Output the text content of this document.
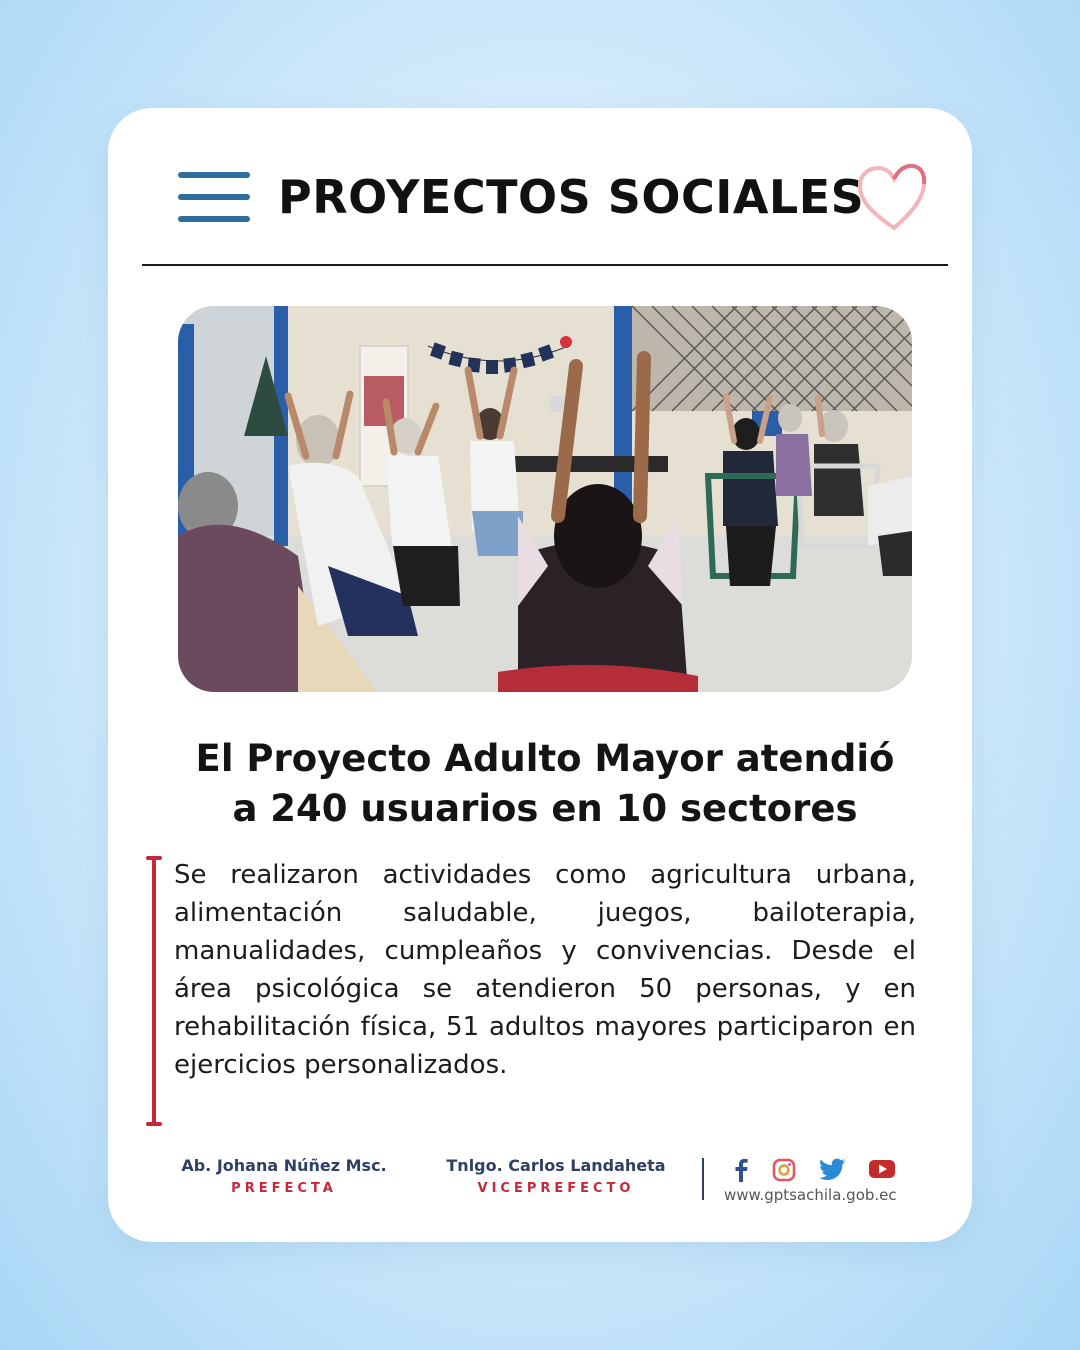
PROYECTOS SOCIALES
El Proyecto Adulto Mayor atendió
a 240 usuarios en 10 sectores
Se realizaron actividades como agricultura urbana, alimentación saludable, juegos, bailoterapia, manualidades, cumpleaños y convivencias. Desde el área psicológica se atendieron 50 personas, y en rehabilitación física, 51 adultos mayores participaron en ejercicios personalizados.
Ab. Johana Núñez Msc.
PREFECTA
Tnlgo. Carlos Landaheta
VICEPREFECTO	www.gptsachila.gob.ec
